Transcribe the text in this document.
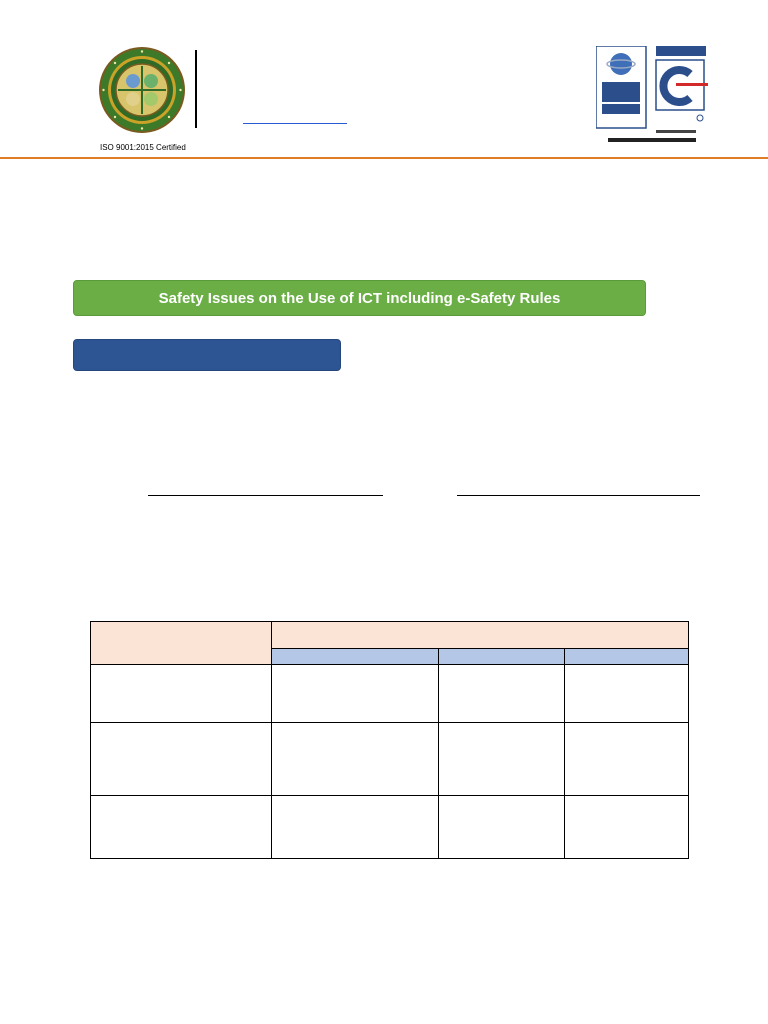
ISO 9001:2015 Certified
Safety Issues on the Use of ICT including e-Safety Rules
